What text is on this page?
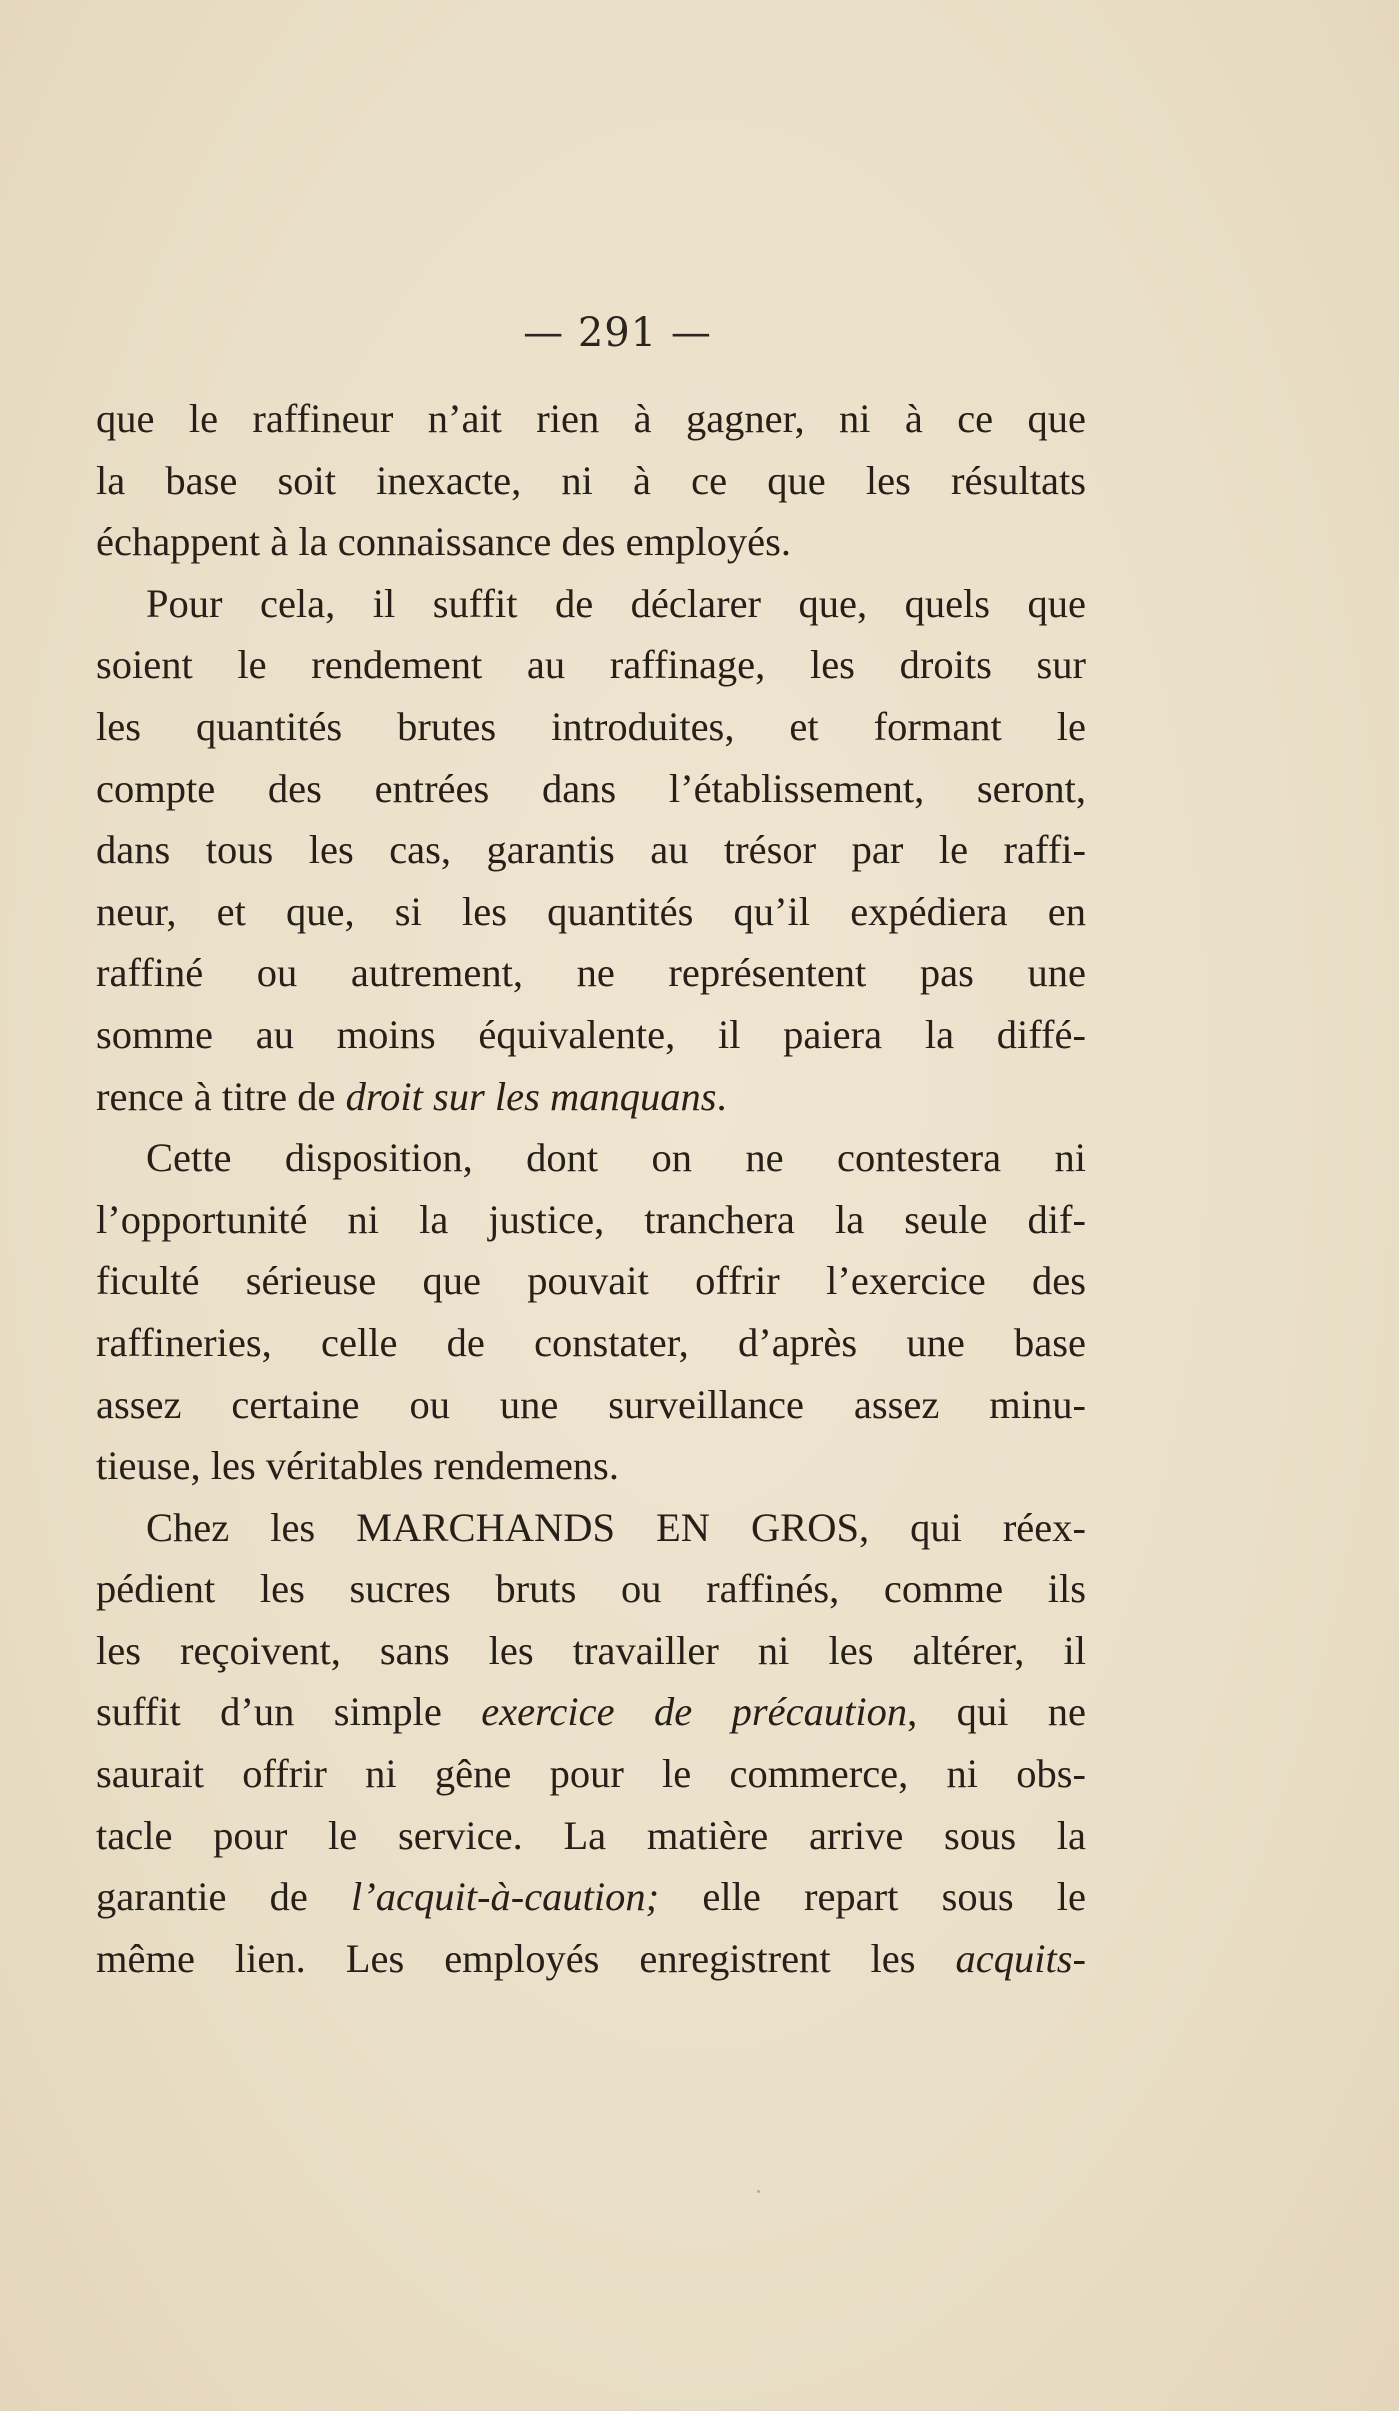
— 291 —
que le raffineur n’ait rien à gagner, ni à ce que
la base soit inexacte, ni à ce que les résultats
échappent à la connaissance des employés.
Pour cela, il suffit de déclarer que, quels que
soient le rendement au raffinage, les droits sur
les quantités brutes introduites, et formant le
compte des entrées dans l’établissement, seront,
dans tous les cas, garantis au trésor par le raffi-
neur, et que, si les quantités qu’il expédiera en
raffiné ou autrement, ne représentent pas une
somme au moins équivalente, il paiera la diffé-
rence à titre de droit sur les manquans.
Cette disposition, dont on ne contestera ni
l’opportunité ni la justice, tranchera la seule dif-
ficulté sérieuse que pouvait offrir l’exercice des
raffineries, celle de constater, d’après une base
assez certaine ou une surveillance assez minu-
tieuse, les véritables rendemens.
Chez les MARCHANDS EN GROS, qui réex-
pédient les sucres bruts ou raffinés, comme ils
les reçoivent, sans les travailler ni les altérer, il
suffit d’un simple exercice de précaution, qui ne
saurait offrir ni gêne pour le commerce, ni obs-
tacle pour le service. La matière arrive sous la
garantie de l’acquit-à-caution; elle repart sous le
même lien. Les employés enregistrent les acquits-
